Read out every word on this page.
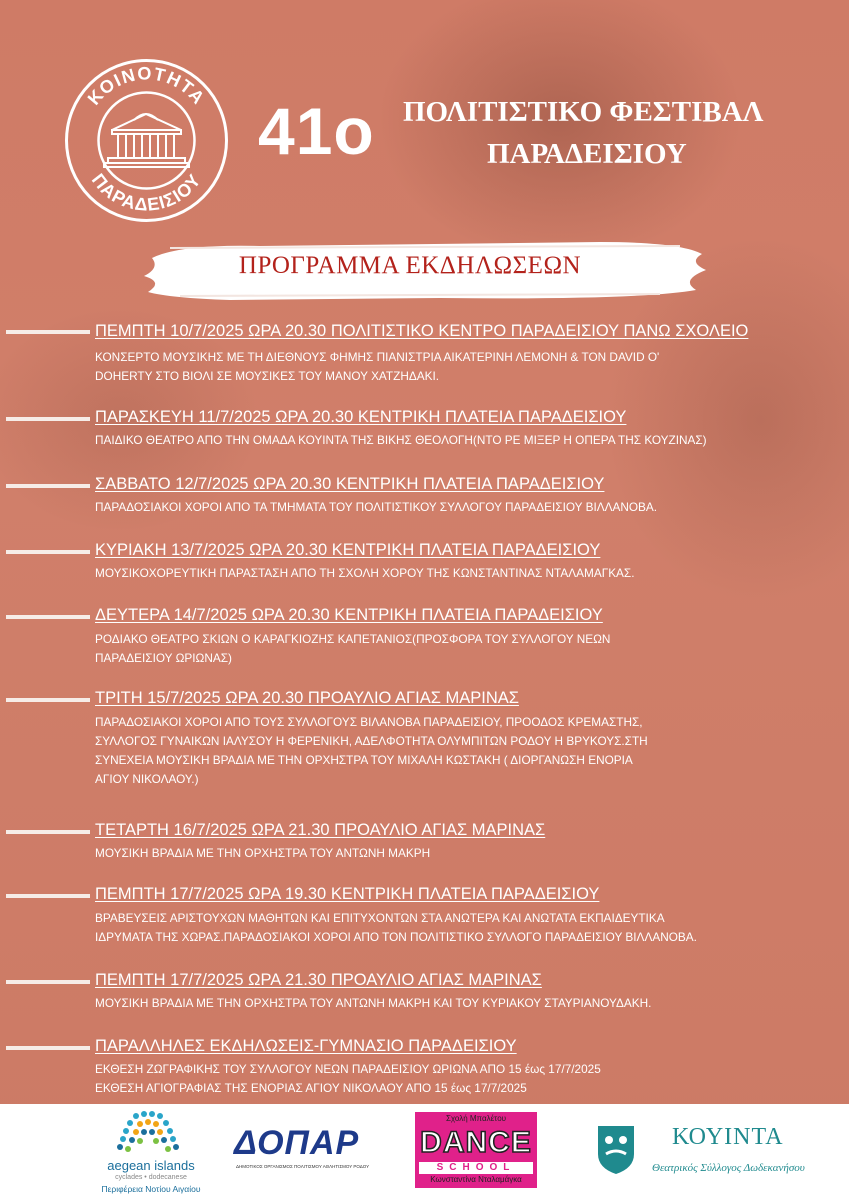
ΚΟΙΝΟΤΗΤΑ
ΠΑΡΑΔΕΙΣΙΟΥ
41ο ΠΟΛΙΤΙΣΤΙΚΟ ΦΕΣΤΙΒΑΛ
ΠΑΡΑΔΕΙΣΙΟΥ
ΠΡΟΓΡΑΜΜΑ ΕΚΔΗΛΩΣΕΩΝ
ΠΕΜΠΤΗ 10/7/2025 ΩΡΑ 20.30 ΠΟΛΙΤΙΣΤΙΚΟ ΚΕΝΤΡΟ ΠΑΡΑΔΕΙΣΙΟΥ ΠΑΝΩ ΣΧΟΛΕΙΟ
ΚΟΝΣΕΡΤΟ ΜΟΥΣΙΚΗΣ ΜΕ ΤΗ ΔΙΕΘΝΟΥΣ ΦΗΜΗΣ ΠΙΑΝΙΣΤΡΙΑ ΑΙΚΑΤΕΡΙΝΗ ΛΕΜΟΝΗ & ΤΟΝ DAVID O'
DOHERTY ΣΤΟ ΒΙΟΛΙ ΣΕ ΜΟΥΣΙΚΕΣ ΤΟΥ ΜΑΝΟΥ ΧΑΤΖΗΔΑΚΙ.
ΠΑΡΑΣΚΕΥΗ 11/7/2025 ΩΡΑ 20.30 ΚΕΝΤΡΙΚΗ ΠΛΑΤΕΙΑ ΠΑΡΑΔΕΙΣΙΟΥ
ΠΑΙΔΙΚΟ ΘΕΑΤΡΟ ΑΠΟ ΤΗΝ ΟΜΑΔΑ ΚΟΥΙΝΤΑ ΤΗΣ ΒΙΚΗΣ ΘΕΟΛΟΓΗ(ΝΤΟ ΡΕ ΜΙΞΕΡ Η ΟΠΕΡΑ ΤΗΣ ΚΟΥΖΙΝΑΣ)
ΣΑΒΒΑΤΟ 12/7/2025 ΩΡΑ 20.30 ΚΕΝΤΡΙΚΗ ΠΛΑΤΕΙΑ ΠΑΡΑΔΕΙΣΙΟΥ
ΠΑΡΑΔΟΣΙΑΚΟΙ ΧΟΡΟΙ ΑΠΟ ΤΑ ΤΜΗΜΑΤΑ ΤΟΥ ΠΟΛΙΤΙΣΤΙΚΟΥ ΣΥΛΛΟΓΟΥ ΠΑΡΑΔΕΙΣΙΟΥ ΒΙΛΛΑΝΟΒΑ.
ΚΥΡΙΑΚΗ 13/7/2025 ΩΡΑ 20.30 ΚΕΝΤΡΙΚΗ ΠΛΑΤΕΙΑ ΠΑΡΑΔΕΙΣΙΟΥ
ΜΟΥΣΙΚΟΧΟΡΕΥΤΙΚΗ ΠΑΡΑΣΤΑΣΗ ΑΠΟ ΤΗ ΣΧΟΛΗ ΧΟΡΟΥ ΤΗΣ ΚΩΝΣΤΑΝΤΙΝΑΣ ΝΤΑΛΑΜΑΓΚΑΣ.
ΔΕΥΤΕΡΑ 14/7/2025 ΩΡΑ 20.30 ΚΕΝΤΡΙΚΗ ΠΛΑΤΕΙΑ ΠΑΡΑΔΕΙΣΙΟΥ
ΡΟΔΙΑΚΟ ΘΕΑΤΡΟ ΣΚΙΩΝ Ο ΚΑΡΑΓΚΙΟΖΗΣ ΚΑΠΕΤΑΝΙΟΣ(ΠΡΟΣΦΟΡΑ ΤΟΥ ΣΥΛΛΟΓΟΥ ΝΕΩΝ
ΠΑΡΑΔΕΙΣΙΟΥ ΩΡΙΩΝΑΣ)
ΤΡΙΤΗ 15/7/2025 ΩΡΑ 20.30 ΠΡΟΑΥΛΙΟ ΑΓΙΑΣ ΜΑΡΙΝΑΣ
ΠΑΡΑΔΟΣΙΑΚΟΙ ΧΟΡΟΙ ΑΠΟ ΤΟΥΣ ΣΥΛΛΟΓΟΥΣ ΒΙΛΑΝΟΒΑ ΠΑΡΑΔΕΙΣΙΟΥ, ΠΡΟΟΔΟΣ ΚΡΕΜΑΣΤΗΣ,
ΣΥΛΛΟΓΟΣ ΓΥΝΑΙΚΩΝ ΙΑΛΥΣΟΥ Η ΦΕΡΕΝΙΚΗ, ΑΔΕΛΦΟΤΗΤΑ ΟΛΥΜΠΙΤΩΝ ΡΟΔΟΥ Η ΒΡΥΚΟΥΣ.ΣΤΗ
ΣΥΝΕΧΕΙΑ ΜΟΥΣΙΚΗ ΒΡΑΔΙΑ ΜΕ ΤΗΝ ΟΡΧΗΣΤΡΑ ΤΟΥ ΜΙΧΑΛΗ ΚΩΣΤΑΚΗ ( ΔΙΟΡΓΑΝΩΣΗ ΕΝΟΡΙΑ
ΑΓΙΟΥ ΝΙΚΟΛΑΟΥ.)
ΤΕΤΑΡΤΗ 16/7/2025 ΩΡΑ 21.30 ΠΡΟΑΥΛΙΟ ΑΓΙΑΣ ΜΑΡΙΝΑΣ
ΜΟΥΣΙΚΗ ΒΡΑΔΙΑ ΜΕ ΤΗΝ ΟΡΧΗΣΤΡΑ ΤΟΥ ΑΝΤΩΝΗ ΜΑΚΡΗ
ΠΕΜΠΤΗ 17/7/2025 ΩΡΑ 19.30 ΚΕΝΤΡΙΚΗ ΠΛΑΤΕΙΑ ΠΑΡΑΔΕΙΣΙΟΥ
ΒΡΑΒΕΥΣΕΙΣ ΑΡΙΣΤΟΥΧΩΝ ΜΑΘΗΤΩΝ ΚΑΙ ΕΠΙΤΥΧΟΝΤΩΝ ΣΤΑ ΑΝΩΤΕΡΑ ΚΑΙ ΑΝΩΤΑΤΑ ΕΚΠΑΙΔΕΥΤΙΚΑ
ΙΔΡΥΜΑΤΑ ΤΗΣ ΧΩΡΑΣ.ΠΑΡΑΔΟΣΙΑΚΟΙ ΧΟΡΟΙ ΑΠΟ ΤΟΝ ΠΟΛΙΤΙΣΤΙΚΟ ΣΥΛΛΟΓΟ ΠΑΡΑΔΕΙΣΙΟΥ ΒΙΛΛΑΝΟΒΑ.
ΠΕΜΠΤΗ 17/7/2025 ΩΡΑ 21.30 ΠΡΟΑΥΛΙΟ ΑΓΙΑΣ ΜΑΡΙΝΑΣ
ΜΟΥΣΙΚΗ ΒΡΑΔΙΑ ΜΕ ΤΗΝ ΟΡΧΗΣΤΡΑ ΤΟΥ ΑΝΤΩΝΗ ΜΑΚΡΗ ΚΑΙ ΤΟΥ ΚΥΡΙΑΚΟΥ ΣΤΑΥΡΙΑΝΟΥΔΑΚΗ.
ΠΑΡΑΛΛΗΛΕΣ ΕΚΔΗΛΩΣΕΙΣ-ΓΥΜΝΑΣΙΟ ΠΑΡΑΔΕΙΣΙΟΥ
ΕΚΘΕΣΗ ΖΩΓΡΑΦΙΚΗΣ ΤΟΥ ΣΥΛΛΟΓΟΥ ΝΕΩΝ ΠΑΡΑΔΕΙΣΙΟΥ ΩΡΙΩΝΑ ΑΠΟ 15 έως 17/7/2025
ΕΚΘΕΣΗ ΑΓΙΟΓΡΑΦΙΑΣ ΤΗΣ ΕΝΟΡΙΑΣ ΑΓΙΟΥ ΝΙΚΟΛΑΟΥ ΑΠΟ 15 έως 17/7/2025
aegean islands
cyclades • dodecanese
Περιφέρεια Νοτίου Αιγαίου
ΔΟΠΑΡ
ΔΗΜΟΤΙΚΟΣ ΟΡΓΑΝΙΣΜΟΣ ΠΟΛΙΤΙΣΜΟΥ ΑΘΛΗΤΙΣΜΟΥ ΡΟΔΟΥ
Σχολή Μπαλέτου
DANCE
SCHOOL
Κωνσταντίνα Νταλαμάγκα
ΚΟΥΙΝΤΑ
Θεατρικός Σύλλογος Δωδεκανήσου
